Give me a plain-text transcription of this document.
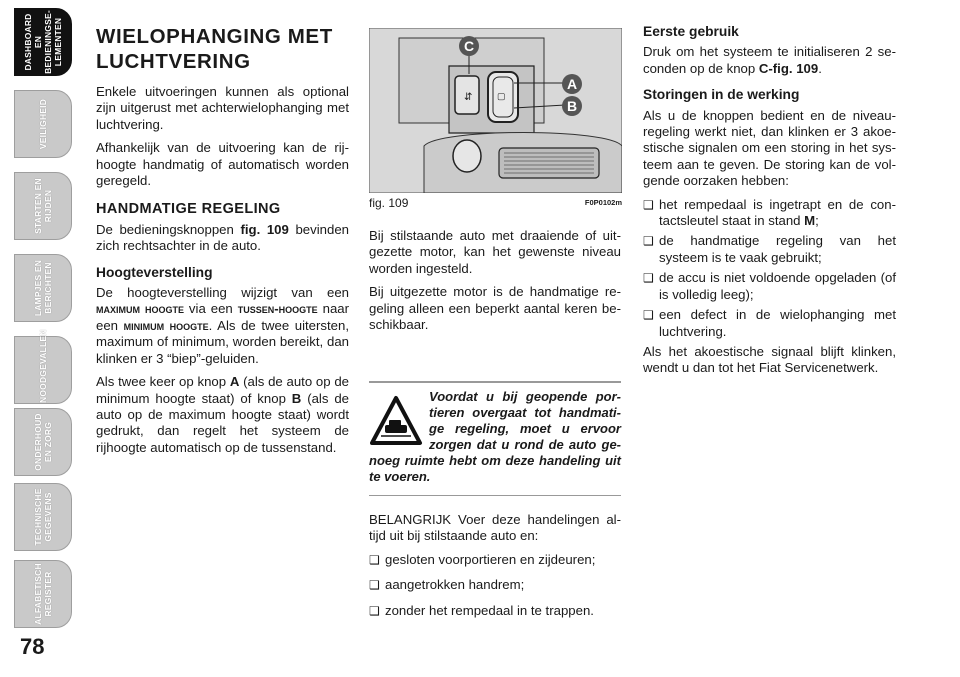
DASHBOARD EN
BEDIENINGSE-
LEMENTEN
VEILIGHEID
STARTEN EN
RIJDEN
LAMPJES EN
BERICHTEN
NOODGEVALLEN
ONDERHOUD
EN ZORG
TECHNISCHE
GEGEVENS
ALFABETISCH
REGISTER
78
WIELOPHANGING MET LUCHTVERING

Enkele uitvoeringen kunnen als optional zijn uitgerust met achterwielophanging met luchtvering.

Afhankelijk van de uitvoering kan de rij-hoogte handmatig of automatisch worden geregeld.

HANDMATIGE REGELING

De bedieningsknoppen fig. 109 bevinden zich rechtsachter in de auto.

Hoogteverstelling

De hoogteverstelling wijzigt van een maximum hoogte via een tussen-hoogte naar een minimum hoogte. Als de twee uitersten, maximum of minimum, worden bereikt, dan klinken er 3 “biep”-geluiden.

Als twee keer op knop A (als de auto op de minimum hoogte staat) of knop B (als de auto op de maximum hoogte staat) wordt gedrukt, dan regelt het systeem de rijhoogte automatisch op de tussenstand.

⇵	▢
C
A
B
fig. 109	F0P0102m

Bij stilstaande auto met draaiende of uit-gezette motor, kan het gewenste niveau worden ingesteld.

Bij uitgezette motor is de handmatige re-geling alleen een beperkt aantal keren be-schikbaar.

Voordat u bij geopende por-tieren overgaat tot handmati-ge regeling, moet u ervoor zorgen dat u rond de auto ge-noeg ruimte hebt om deze handeling uit te voeren.

BELANGRIJK Voer deze handelingen al-tijd uit bij stilstaande auto en:

❑ gesloten voorportieren en zijdeuren;
❑ aangetrokken handrem;
❑ zonder het rempedaal in te trappen.
Eerste gebruik

Druk om het systeem te initialiseren 2 se-conden op de knop C-fig. 109.

Storingen in de werking

Als u de knoppen bedient en de niveau-regeling werkt niet, dan klinken er 3 akoe-stische signalen om een storing in het sys-teem aan te geven. De storing kan de vol-gende oorzaken hebben:

❑ het rempedaal is ingetrapt en de con-tactsleutel staat in stand M;
❑ de handmatige regeling van het systeem is te vaak gebruikt;
❑ de accu is niet voldoende opgeladen (of is volledig leeg);
❑ een defect in de wielophanging met luchtvering.

Als het akoestische signaal blijft klinken, wendt u dan tot het Fiat Servicenetwerk.
